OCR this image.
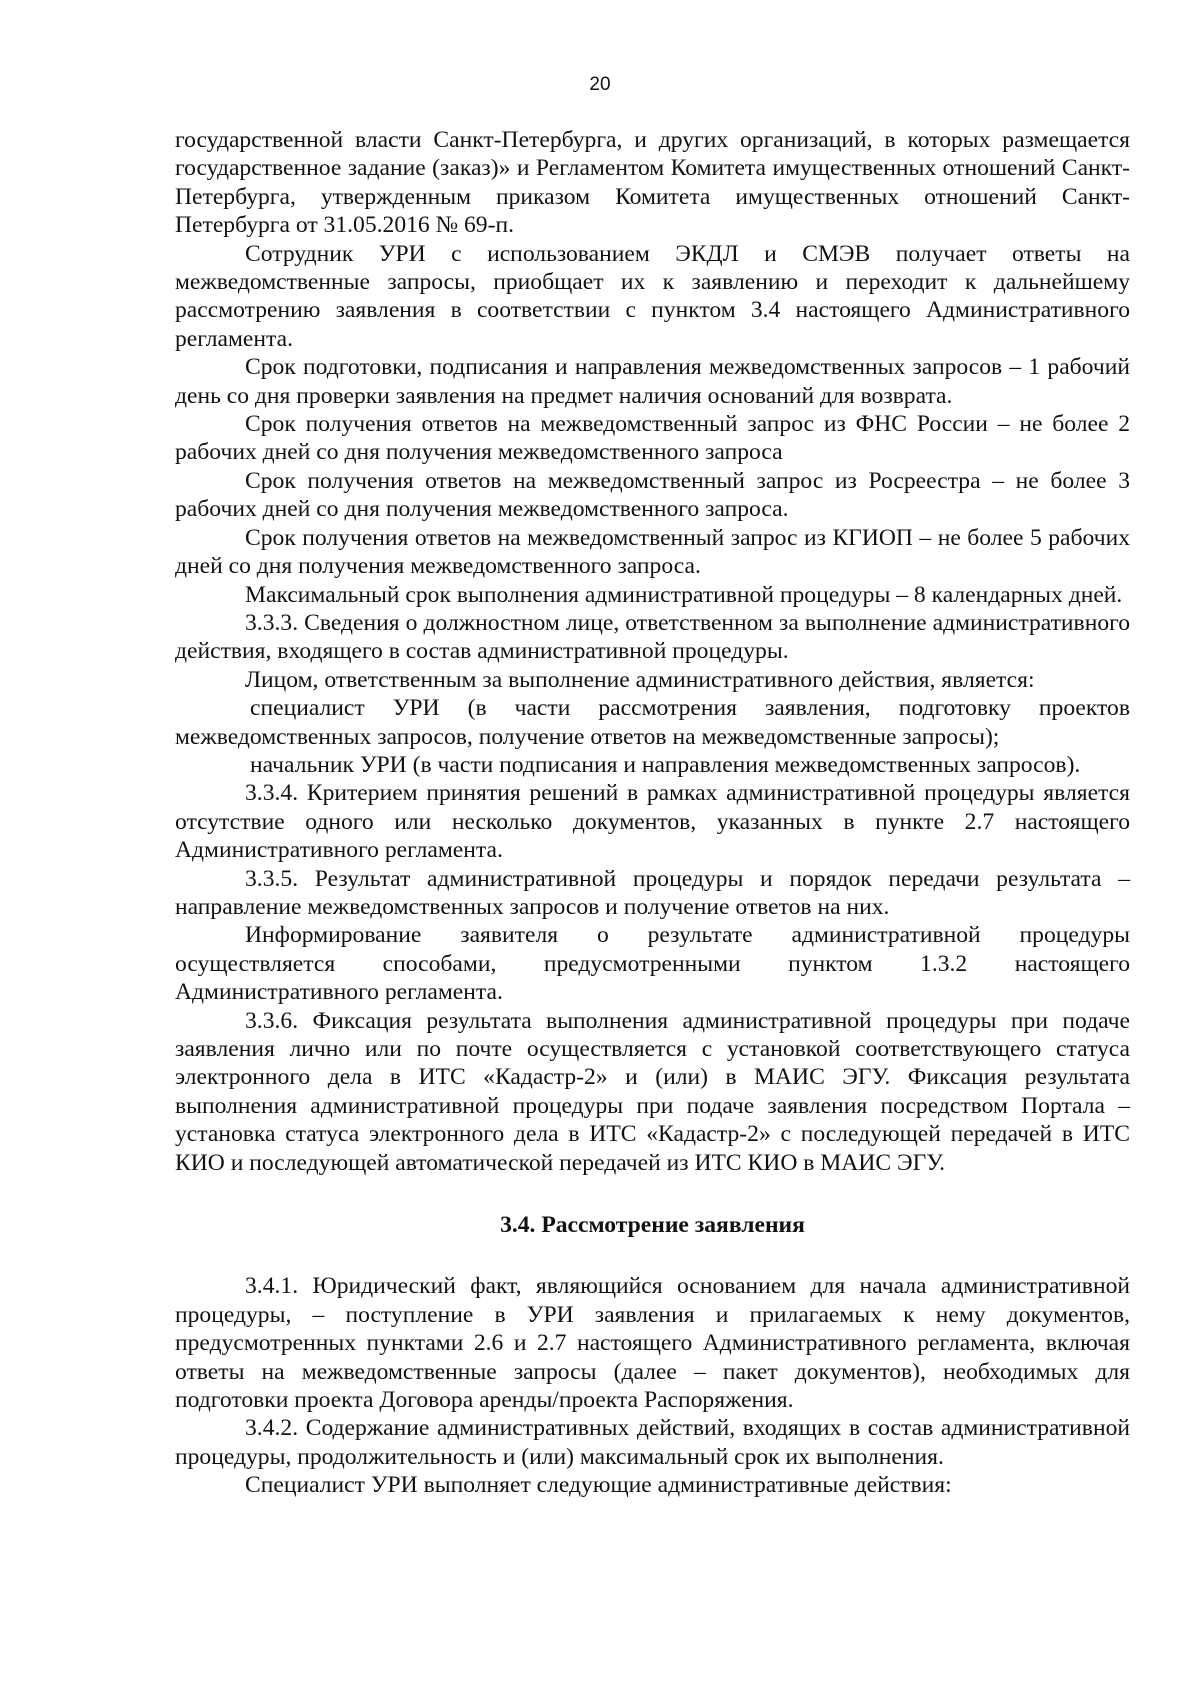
20

государственной власти Санкт-Петербурга, и других организаций, в которых размещается государственное задание (заказ)» и Регламентом Комитета имущественных отношений Санкт-Петербурга, утвержденным приказом Комитета имущественных отношений Санкт-Петербурга от 31.05.2016 № 69-п.

Сотрудник УРИ с использованием ЭКДЛ и СМЭВ получает ответы на межведомственные запросы, приобщает их к заявлению и переходит к дальнейшему рассмотрению заявления в соответствии с пунктом 3.4 настоящего Административного регламента.

Срок подготовки, подписания и направления межведомственных запросов – 1 рабочий день со дня проверки заявления на предмет наличия оснований для возврата.

Срок получения ответов на межведомственный запрос из ФНС России – не более 2 рабочих дней со дня получения межведомственного запроса

Срок получения ответов на межведомственный запрос из Росреестра – не более 3 рабочих дней со дня получения межведомственного запроса.

Срок получения ответов на межведомственный запрос из КГИОП – не более 5 рабочих дней со дня получения межведомственного запроса.

Максимальный срок выполнения административной процедуры – 8 календарных дней.

3.3.3. Сведения о должностном лице, ответственном за выполнение административного действия, входящего в состав административной процедуры.

Лицом, ответственным за выполнение административного действия, является:

специалист УРИ (в части рассмотрения заявления, подготовку проектов межведомственных запросов, получение ответов на межведомственные запросы);

начальник УРИ (в части подписания и направления межведомственных запросов).

3.3.4. Критерием принятия решений в рамках административной процедуры является отсутствие одного или несколько документов, указанных в пункте 2.7 настоящего Административного регламента.

3.3.5. Результат административной процедуры и порядок передачи результата – направление межведомственных запросов и получение ответов на них.

Информирование заявителя о результате административной процедуры осуществляется способами, предусмотренными пунктом 1.3.2 настоящего Административного регламента.

3.3.6. Фиксация результата выполнения административной процедуры при подаче заявления лично или по почте осуществляется с установкой соответствующего статуса электронного дела в ИТС «Кадастр-2» и (или) в МАИС ЭГУ. Фиксация результата выполнения административной процедуры при подаче заявления посредством Портала – установка статуса электронного дела в ИТС «Кадастр-2» с последующей передачей в ИТС КИО и последующей автоматической передачей из ИТС КИО в МАИС ЭГУ.

3.4. Рассмотрение заявления

3.4.1. Юридический факт, являющийся основанием для начала административной процедуры, – поступление в УРИ заявления и прилагаемых к нему документов, предусмотренных пунктами 2.6 и 2.7 настоящего Административного регламента, включая ответы на межведомственные запросы (далее – пакет документов), необходимых для подготовки проекта Договора аренды/проекта Распоряжения.

3.4.2. Содержание административных действий, входящих в состав административной процедуры, продолжительность и (или) максимальный срок их выполнения.

Специалист УРИ выполняет следующие административные действия:
